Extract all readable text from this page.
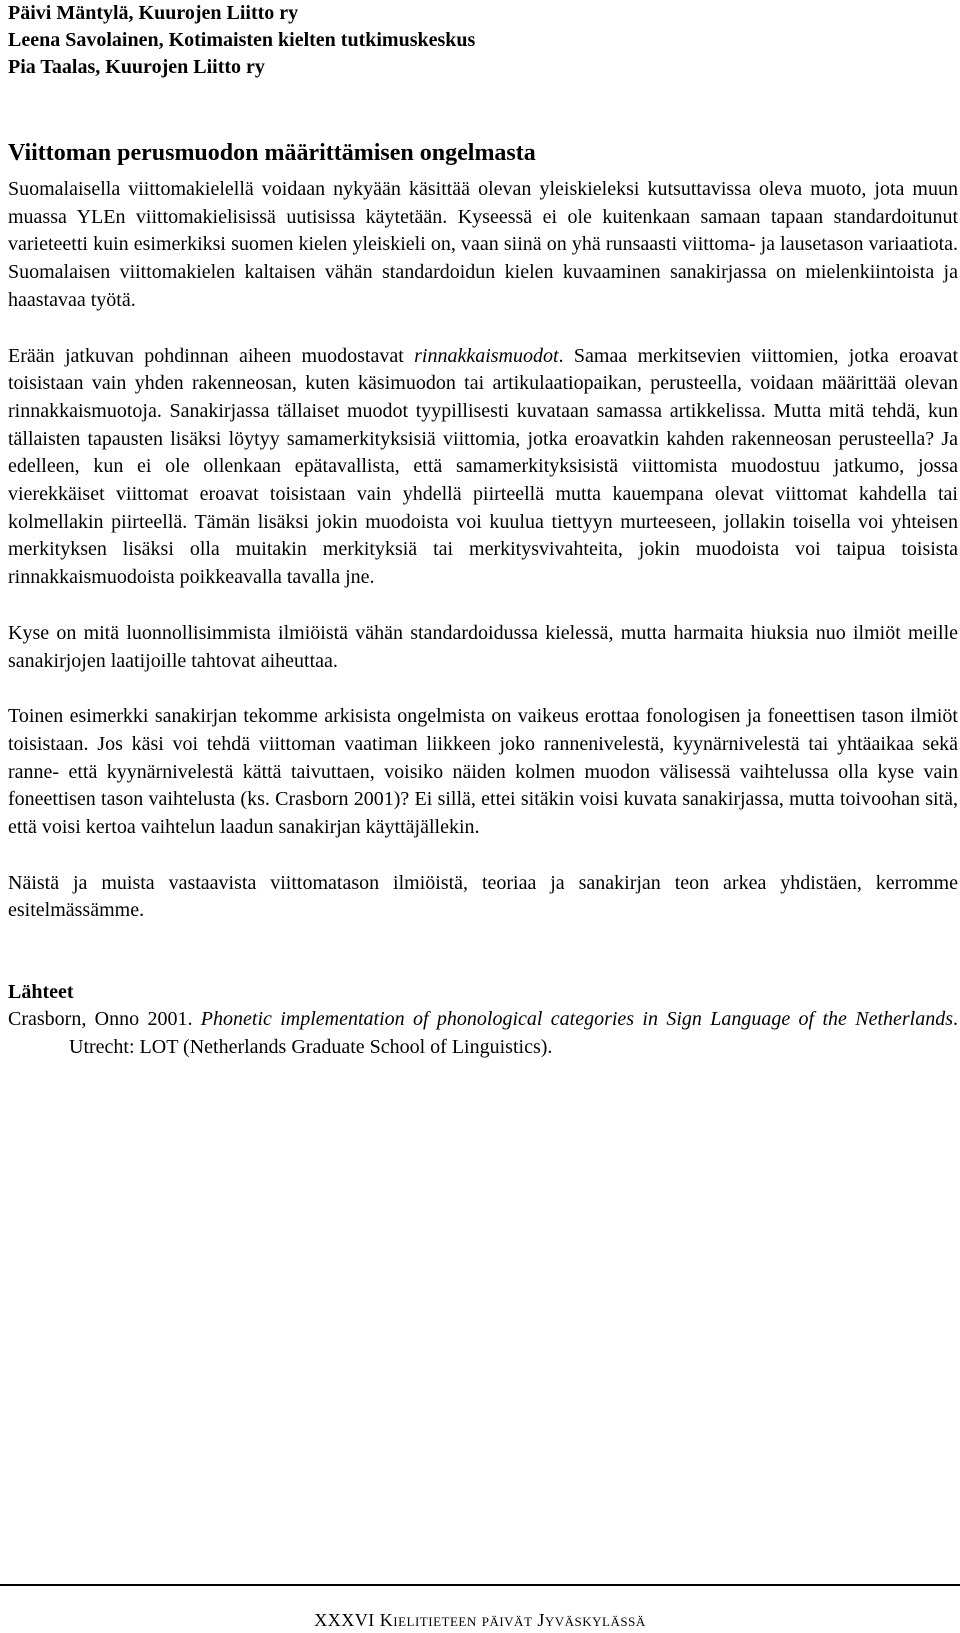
Päivi Mäntylä, Kuurojen Liitto ry
Leena Savolainen, Kotimaisten kielten tutkimuskeskus
Pia Taalas, Kuurojen Liitto ry
Viittoman perusmuodon määrittämisen ongelmasta

Suomalaisella viittomakielellä voidaan nykyään käsittää olevan yleiskieleksi kutsuttavissa oleva muoto, jota muun muassa YLEn viittomakielisissä uutisissa käytetään. Kyseessä ei ole kuitenkaan samaan tapaan standardoitunut varieteetti kuin esimerkiksi suomen kielen yleiskieli on, vaan siinä on yhä runsaasti viittoma- ja lausetason variaatiota. Suomalaisen viittomakielen kaltaisen vähän standardoidun kielen kuvaaminen sanakirjassa on mielenkiintoista ja haastavaa työtä.

Erään jatkuvan pohdinnan aiheen muodostavat rinnakkaismuodot. Samaa merkitsevien viittomien, jotka eroavat toisistaan vain yhden rakenneosan, kuten käsimuodon tai artikulaatiopaikan, perusteella, voidaan määrittää olevan rinnakkaismuotoja. Sanakirjassa tällaiset muodot tyypillisesti kuvataan samassa artikkelissa. Mutta mitä tehdä, kun tällaisten tapausten lisäksi löytyy samamerkityksisiä viittomia, jotka eroavatkin kahden rakenneosan perusteella? Ja edelleen, kun ei ole ollenkaan epätavallista, että samamerkityksisistä viittomista muodostuu jatkumo, jossa vierekkäiset viittomat eroavat toisistaan vain yhdellä piirteellä mutta kauempana olevat viittomat kahdella tai kolmellakin piirteellä. Tämän lisäksi jokin muodoista voi kuulua tiettyyn murteeseen, jollakin toisella voi yhteisen merkityksen lisäksi olla muitakin merkityksiä tai merkitysvivahteita, jokin muodoista voi taipua toisista rinnakkaismuodoista poikkeavalla tavalla jne.

Kyse on mitä luonnollisimmista ilmiöistä vähän standardoidussa kielessä, mutta harmaita hiuksia nuo ilmiöt meille sanakirjojen laatijoille tahtovat aiheuttaa.

Toinen esimerkki sanakirjan tekomme arkisista ongelmista on vaikeus erottaa fonologisen ja foneettisen tason ilmiöt toisistaan. Jos käsi voi tehdä viittoman vaatiman liikkeen joko rannenivelestä, kyynärnivelestä tai yhtäaikaa sekä ranne- että kyynärnivelestä kättä taivuttaen, voisiko näiden kolmen muodon välisessä vaihtelussa olla kyse vain foneettisen tason vaihtelusta (ks. Crasborn 2001)? Ei sillä, ettei sitäkin voisi kuvata sanakirjassa, mutta toivoohan sitä, että voisi kertoa vaihtelun laadun sanakirjan käyttäjällekin.

Näistä ja muista vastaavista viittomatason ilmiöistä, teoriaa ja sanakirjan teon arkea yhdistäen, kerromme esitelmässämme.

Lähteet
Crasborn, Onno 2001. Phonetic implementation of phonological categories in Sign Language of the Netherlands. Utrecht: LOT (Netherlands Graduate School of Linguistics).
XXXVI Kielitieteen päivät Jyväskylässä
